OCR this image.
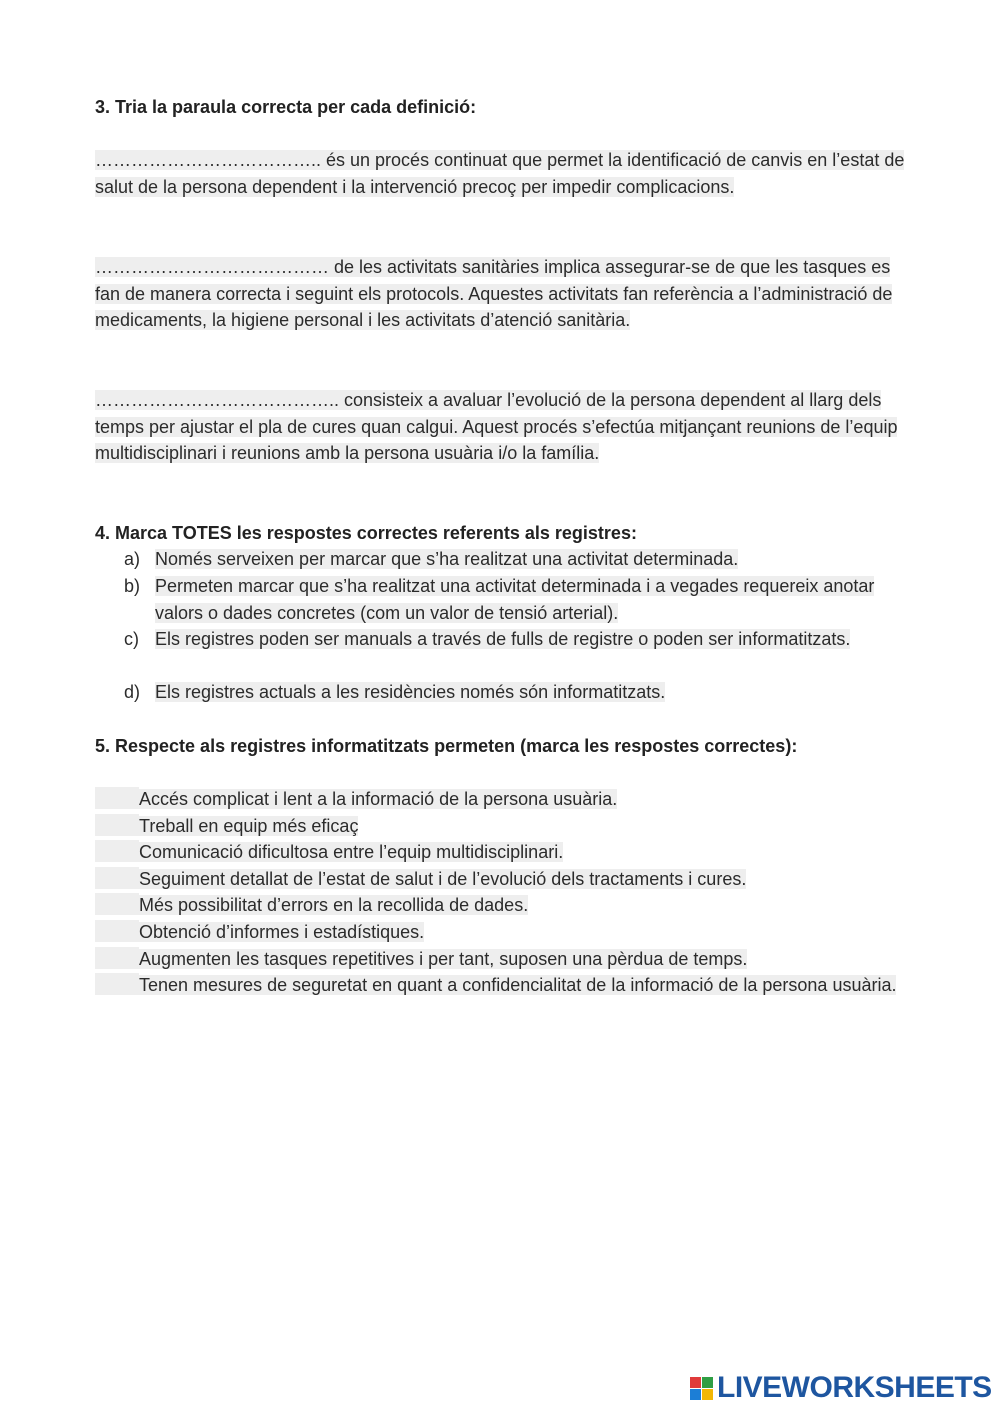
3. Tria la paraula correcta per cada definició:

……………………………….. és un procés continuat que permet la identificació de canvis en l’estat de salut de la persona dependent i la intervenció precoç per impedir complicacions.

………………………………… de les activitats sanitàries implica assegurar-se de que les tasques es fan de manera correcta i seguint els protocols. Aquestes activitats fan referència a l’administració de medicaments, la higiene personal i les activitats d’atenció sanitària.

………………………………….. consisteix a avaluar l’evolució de la persona dependent al llarg dels temps per ajustar el pla de cures quan calgui. Aquest procés s’efectúa mitjançant reunions de l’equip multidisciplinari i reunions amb la persona usuària i/o la família.

4. Marca TOTES les respostes correctes referents als registres:

a) Només serveixen per marcar que s’ha realitzat una activitat determinada.
b) Permeten marcar que s’ha realitzat una activitat determinada i a vegades requereix anotar valors o dades concretes (com un valor de tensió arterial).
c) Els registres poden ser manuals a través de fulls de registre o poden ser informatitzats.
d) Els registres actuals a les residències només són informatitzats.

5. Respecte als registres informatitzats permeten (marca les respostes correctes):

Accés complicat i lent a la informació de la persona usuària.
Treball en equip més eficaç
Comunicació dificultosa entre l’equip multidisciplinari.
Seguiment detallat de l’estat de salut i de l’evolució dels tractaments i cures.
Més possibilitat d’errors en la recollida de dades.
Obtenció d’informes i estadístiques.
Augmenten les tasques repetitives i per tant, suposen una pèrdua de temps.
Tenen mesures de seguretat en quant a confidencialitat de la informació de la persona usuària.
LIVEWORKSHEETS
